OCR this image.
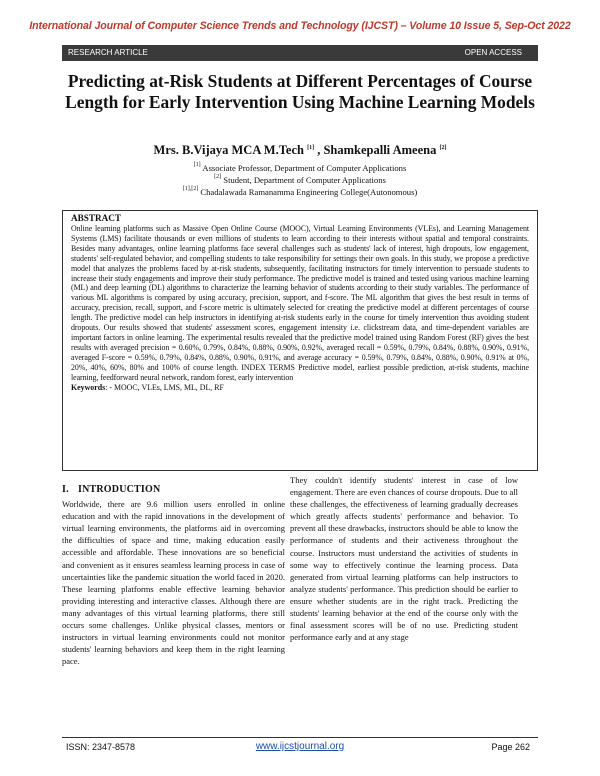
International Journal of Computer Science Trends and Technology (IJCST) – Volume 10 Issue 5, Sep-Oct 2022
RESEARCH ARTICLE	OPEN ACCESS
Predicting at-Risk Students at Different Percentages of Course Length for Early Intervention Using Machine Learning Models
Mrs. B.Vijaya MCA M.Tech [1] , Shamkepalli Ameena [2]
[1] Associate Professor, Department of Computer Applications
[2] Student, Department of Computer Applications
[1],[2] Chadalawada Ramanamma Engineering College(Autonomous)
ABSTRACT

Online learning platforms such as Massive Open Online Course (MOOC), Virtual Learning Environments (VLEs), and Learning Management Systems (LMS) facilitate thousands or even millions of students to learn according to their interests without spatial and temporal constraints. Besides many advantages, online learning platforms face several challenges such as students' lack of interest, high dropouts, low engagement, students' self-regulated behavior, and compelling students to take responsibility for settings their own goals. In this study, we propose a predictive model that analyzes the problems faced by at-risk students, subsequently, facilitating instructors for timely intervention to persuade students to increase their study engagements and improve their study performance. The predictive model is trained and tested using various machine learning (ML) and deep learning (DL) algorithms to characterize the learning behavior of students according to their study variables. The performance of various ML algorithms is compared by using accuracy, precision, support, and f-score. The ML algorithm that gives the best result in terms of accuracy, precision, recall, support, and f-score metric is ultimately selected for creating the predictive model at different percentages of course length. The predictive model can help instructors in identifying at-risk students early in the course for timely intervention thus avoiding student dropouts. Our results showed that students' assessment scores, engagement intensity i.e. clickstream data, and time-dependent variables are important factors in online learning. The experimental results revealed that the predictive model trained using Random Forest (RF) gives the best results with averaged precision = 0.60%, 0.79%, 0.84%, 0.88%, 0.90%, 0.92%, averaged recall = 0.59%, 0.79%, 0.84%, 0.88%, 0.90%, 0.91%, averaged F-score = 0.59%, 0.79%, 0.84%, 0.88%, 0.90%, 0.91%, and average accuracy = 0.59%, 0.79%, 0.84%, 0.88%, 0.90%, 0.91% at 0%, 20%, 40%, 60%, 80% and 100% of course length. INDEX TERMS Predictive model, earliest possible prediction, at-risk students, machine learning, feedforward neural network, random forest, early intervention

Keywords: - MOOC, VLEs, LMS, ML, DL, RF

I. INTRODUCTION

Worldwide, there are 9.6 million users enrolled in online education and with the rapid innovations in the development of virtual learning environments, the platforms aid in overcoming the difficulties of space and time, making education easily accessible and affordable. These innovations are so beneficial and convenient as it ensures seamless learning process in case of uncertainties like the pandemic situation the world faced in 2020. These learning platforms enable effective learning behavior providing interesting and interactive classes. Although there are many advantages of this virtual learning platforms, there still occurs some challenges. Unlike physical classes, mentors or instructors in virtual learning environments could not monitor students' learning behaviors and keep them in the right learning pace.

They couldn't identify students' interest in case of low engagement. There are even chances of course dropouts. Due to all these challenges, the effectiveness of learning gradually decreases which greatly affects students' performance and behavior. To prevent all these drawbacks, instructors should be able to know the performance of students and their activeness throughout the course. Instructors must understand the activities of students in some way to effectively continue the learning process. Data generated from virtual learning platforms can help instructors to analyze students' performance. This prediction should be earlier to ensure whether students are in the right track. Predicting the students' learning behavior at the end of the course only with the final assessment scores will be of no use. Predicting student performance early and at any stage

ISSN: 2347-8578	www.ijcstjournal.org	Page 262
